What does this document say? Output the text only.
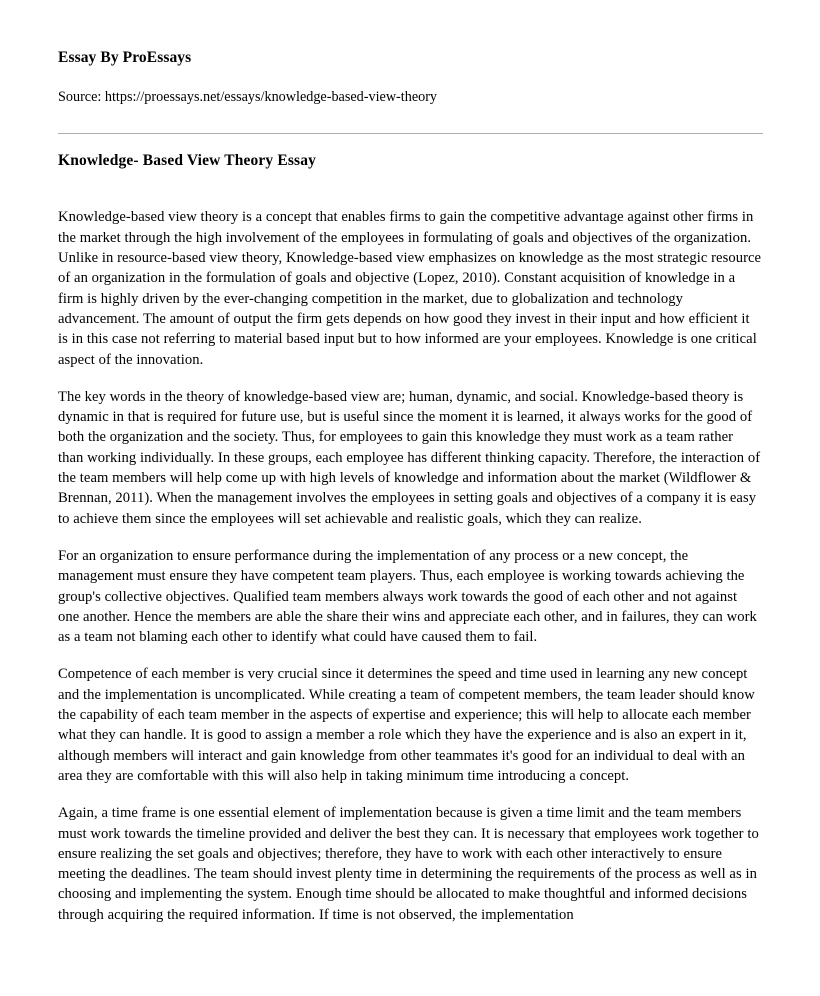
Essay By ProEssays

Source: https://proessays.net/essays/knowledge-based-view-theory

Knowledge- Based View Theory Essay

Knowledge-based view theory is a concept that enables firms to gain the competitive advantage against other firms in the market through the high involvement of the employees in formulating of goals and objectives of the organization. Unlike in resource-based view theory, Knowledge-based view emphasizes on knowledge as the most strategic resource of an organization in the formulation of goals and objective (Lopez, 2010). Constant acquisition of knowledge in a firm is highly driven by the ever-changing competition in the market, due to globalization and technology advancement. The amount of output the firm gets depends on how good they invest in their input and how efficient it is in this case not referring to material based input but to how informed are your employees. Knowledge is one critical aspect of the innovation.

The key words in the theory of knowledge-based view are; human, dynamic, and social. Knowledge-based theory is dynamic in that is required for future use, but is useful since the moment it is learned, it always works for the good of both the organization and the society. Thus, for employees to gain this knowledge they must work as a team rather than working individually. In these groups, each employee has different thinking capacity. Therefore, the interaction of the team members will help come up with high levels of knowledge and information about the market (Wildflower & Brennan, 2011). When the management involves the employees in setting goals and objectives of a company it is easy to achieve them since the employees will set achievable and realistic goals, which they can realize.

For an organization to ensure performance during the implementation of any process or a new concept, the management must ensure they have competent team players. Thus, each employee is working towards achieving the group's collective objectives. Qualified team members always work towards the good of each other and not against one another. Hence the members are able the share their wins and appreciate each other, and in failures, they can work as a team not blaming each other to identify what could have caused them to fail.

Competence of each member is very crucial since it determines the speed and time used in learning any new concept and the implementation is uncomplicated. While creating a team of competent members, the team leader should know the capability of each team member in the aspects of expertise and experience; this will help to allocate each member what they can handle. It is good to assign a member a role which they have the experience and is also an expert in it, although members will interact and gain knowledge from other teammates it's good for an individual to deal with an area they are comfortable with this will also help in taking minimum time introducing a concept.

Again, a time frame is one essential element of implementation because is given a time limit and the team members must work towards the timeline provided and deliver the best they can. It is necessary that employees work together to ensure realizing the set goals and objectives; therefore, they have to work with each other interactively to ensure meeting the deadlines. The team should invest plenty time in determining the requirements of the process as well as in choosing and implementing the system. Enough time should be allocated to make thoughtful and informed decisions through acquiring the required information. If time is not observed, the implementation
